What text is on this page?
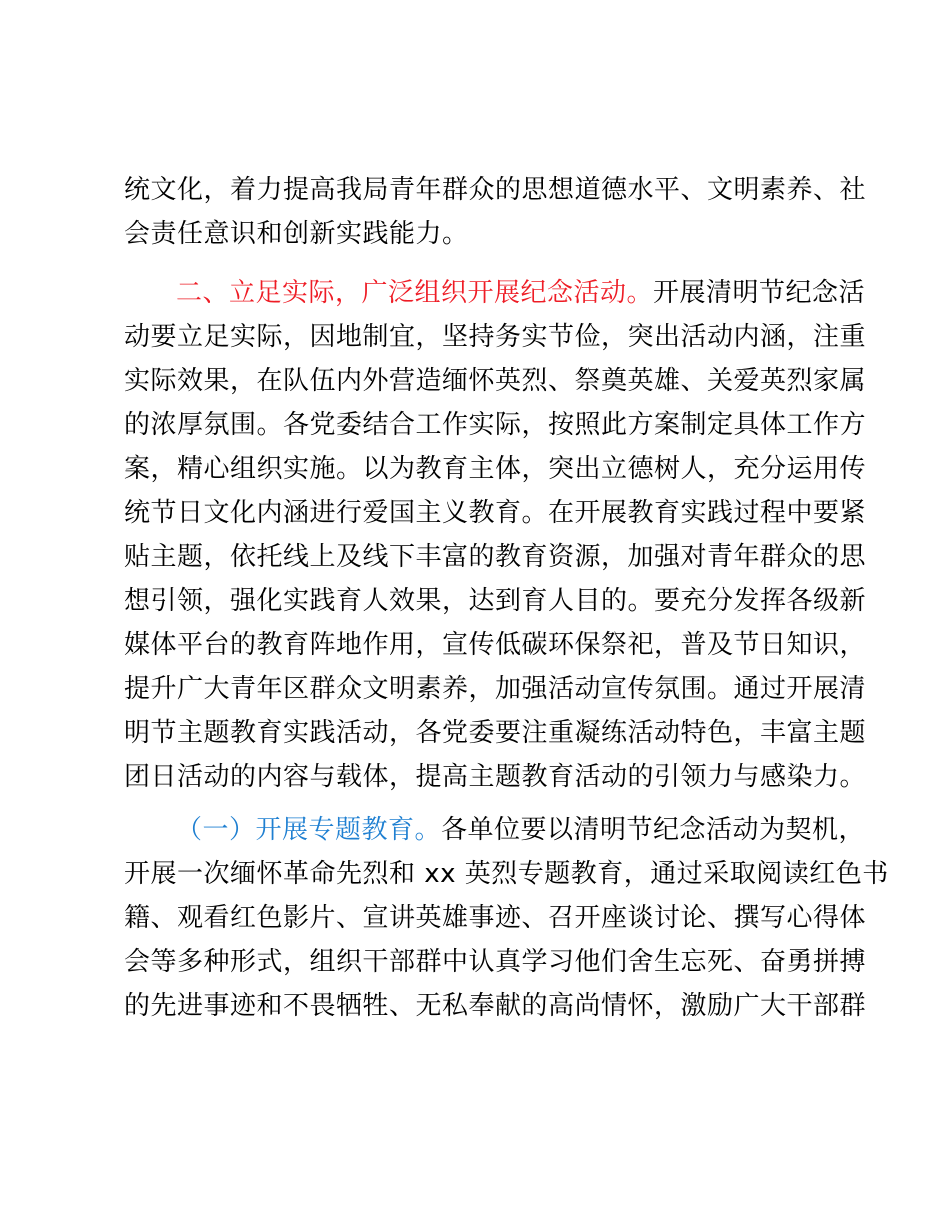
统文化，着力提高我局青年群众的思想道德水平、文明素养、社

会责任意识和创新实践能力。

二、立足实际，广泛组织开展纪念活动。开展清明节纪念活

动要立足实际，因地制宜，坚持务实节俭，突出活动内涵，注重

实际效果，在队伍内外营造缅怀英烈、祭奠英雄、关爱英烈家属

的浓厚氛围。各党委结合工作实际，按照此方案制定具体工作方

案，精心组织实施。以为教育主体，突出立德树人，充分运用传

统节日文化内涵进行爱国主义教育。在开展教育实践过程中要紧

贴主题，依托线上及线下丰富的教育资源，加强对青年群众的思

想引领，强化实践育人效果，达到育人目的。要充分发挥各级新

媒体平台的教育阵地作用，宣传低碳环保祭祀，普及节日知识，

提升广大青年区群众文明素养，加强活动宣传氛围。通过开展清

明节主题教育实践活动，各党委要注重凝练活动特色，丰富主题

团日活动的内容与载体，提高主题教育活动的引领力与感染力。

（一）开展专题教育。各单位要以清明节纪念活动为契机，

开展一次缅怀革命先烈和 xx 英烈专题教育，通过采取阅读红色书

籍、观看红色影片、宣讲英雄事迹、召开座谈讨论、撰写心得体

会等多种形式，组织干部群中认真学习他们舍生忘死、奋勇拼搏

的先进事迹和不畏牺牲、无私奉献的高尚情怀，激励广大干部群
